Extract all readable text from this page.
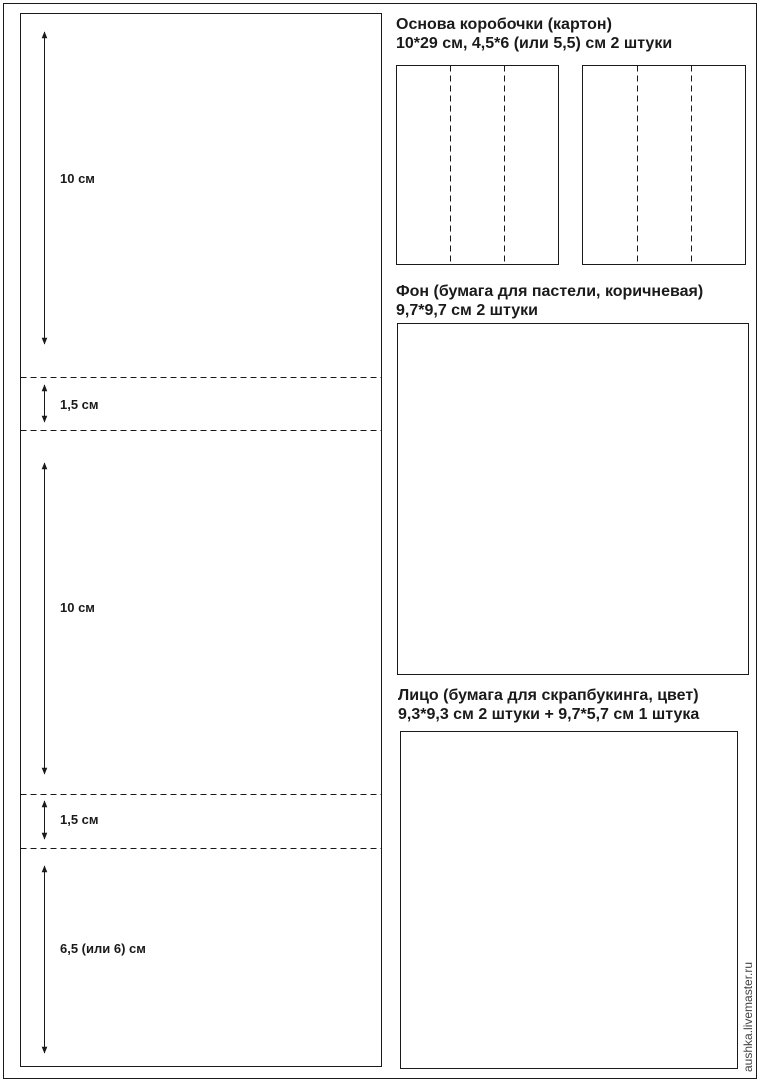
10 см
1,5 см
10 см
1,5 см
6,5 (или 6) см
Основа коробочки (картон)
10*29 см, 4,5*6 (или 5,5) см 2 штуки
Фон (бумага для пастели, коричневая)
9,7*9,7 см 2 штуки
Лицо (бумага для скрапбукинга, цвет)
9,3*9,3 см 2 штуки + 9,7*5,7 см 1 штука
aushka.livemaster.ru
